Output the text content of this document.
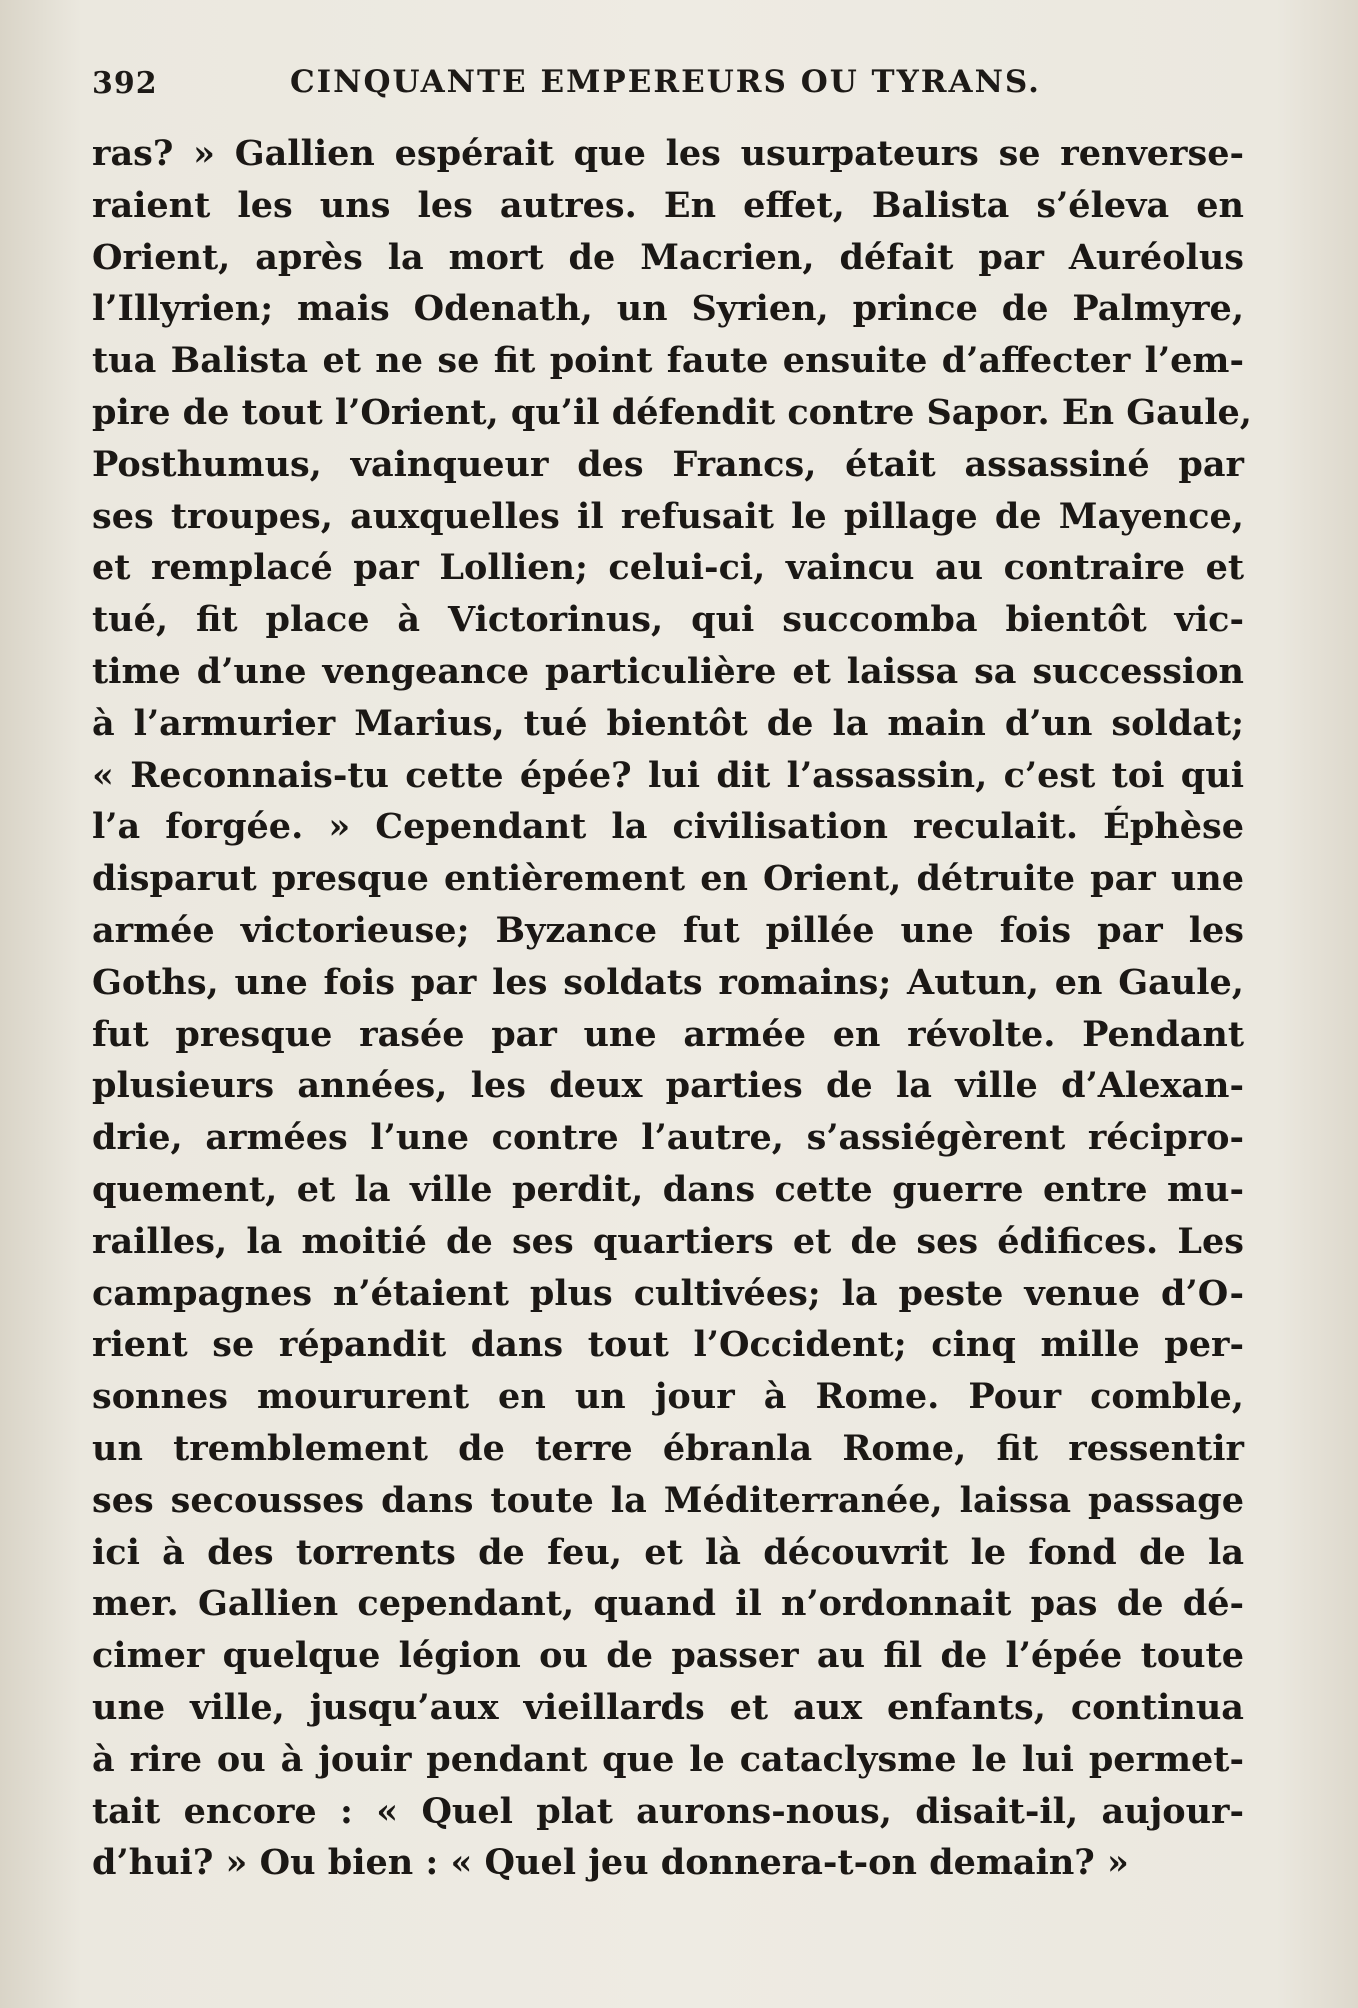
392	CINQUANTE EMPEREURS OU TYRANS.
ras? » Gallien espérait que les usurpateurs se renverse-
raient les uns les autres. En effet, Balista s’éleva en
Orient, après la mort de Macrien, défait par Auréolus
l’Illyrien; mais Odenath, un Syrien, prince de Palmyre,
tua Balista et ne se fit point faute ensuite d’affecter l’em-
pire de tout l’Orient, qu’il défendit contre Sapor. En Gaule,
Posthumus, vainqueur des Francs, était assassiné par
ses troupes, auxquelles il refusait le pillage de Mayence,
et remplacé par Lollien; celui-ci, vaincu au contraire et
tué, fit place à Victorinus, qui succomba bientôt vic-
time d’une vengeance particulière et laissa sa succession
à l’armurier Marius, tué bientôt de la main d’un soldat;
« Reconnais-tu cette épée? lui dit l’assassin, c’est toi qui
l’a forgée. » Cependant la civilisation reculait. Éphèse
disparut presque entièrement en Orient, détruite par une
armée victorieuse; Byzance fut pillée une fois par les
Goths, une fois par les soldats romains; Autun, en Gaule,
fut presque rasée par une armée en révolte. Pendant
plusieurs années, les deux parties de la ville d’Alexan-
drie, armées l’une contre l’autre, s’assiégèrent récipro-
quement, et la ville perdit, dans cette guerre entre mu-
railles, la moitié de ses quartiers et de ses édifices. Les
campagnes n’étaient plus cultivées; la peste venue d’O-
rient se répandit dans tout l’Occident; cinq mille per-
sonnes moururent en un jour à Rome. Pour comble,
un tremblement de terre ébranla Rome, fit ressentir
ses secousses dans toute la Méditerranée, laissa passage
ici à des torrents de feu, et là découvrit le fond de la
mer. Gallien cependant, quand il n’ordonnait pas de dé-
cimer quelque légion ou de passer au fil de l’épée toute
une ville, jusqu’aux vieillards et aux enfants, continua
à rire ou à jouir pendant que le cataclysme le lui permet-
tait encore : « Quel plat aurons-nous, disait-il, aujour-
d’hui? » Ou bien : « Quel jeu donnera-t-on demain? »
